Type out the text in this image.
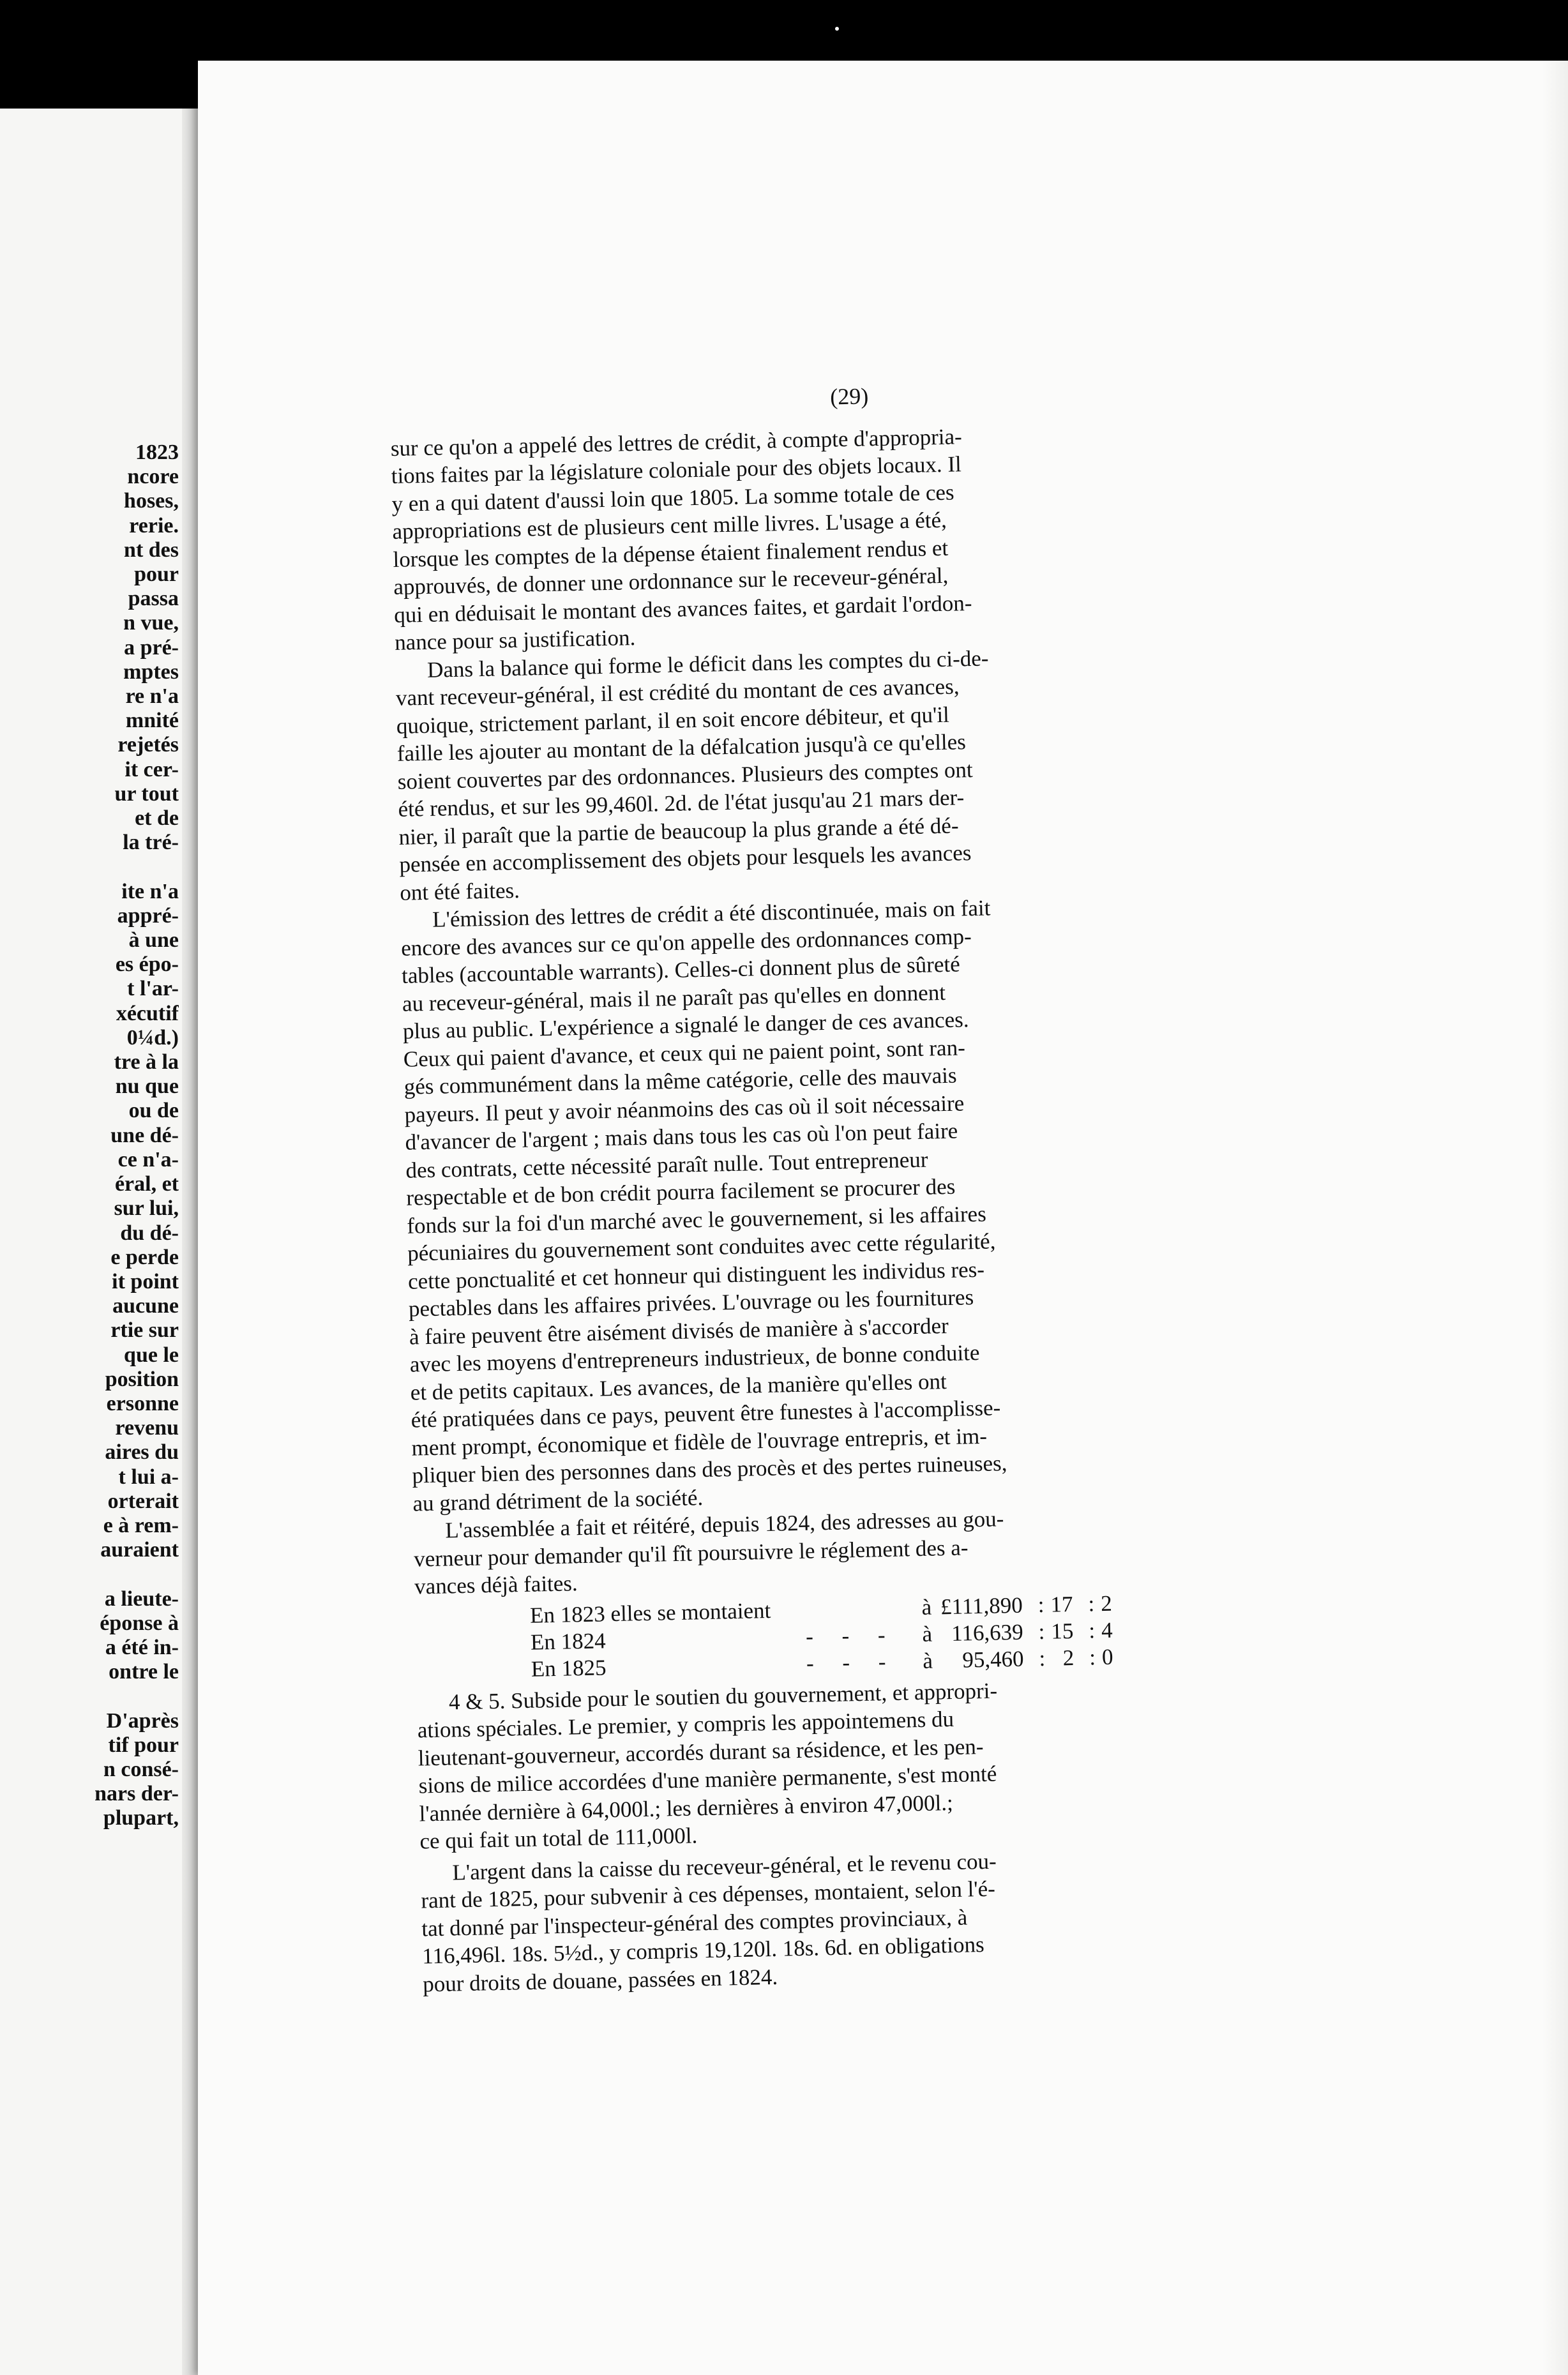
1823
ncore
hoses,
rerie.
nt des
pour
passa
n vue,
a pré-
mptes
re n'a
mnité
rejetés
it cer-
ur tout
et de
la tré-

ite n'a
appré-
à une
es épo-
t l'ar-
xécutif
0¼d.)
tre à la
nu que
ou de
une dé-
ce n'a-
éral, et
sur lui,
du dé-
e perde
it point
aucune
rtie sur
que le
position
ersonne
revenu
aires du
t lui a-
orterait
e à rem-
auraient

a lieute-
éponse à
a été in-
ontre le

D'après
tif pour
n consé-
nars der-
plupart,
(29)
sur ce qu'on a appelé des lettres de crédit, à compte d'appropria-
tions faites par la législature coloniale pour des objets locaux. Il
y en a qui datent d'aussi loin que 1805. La somme totale de ces
appropriations est de plusieurs cent mille livres. L'usage a été,
lorsque les comptes de la dépense étaient finalement rendus et
approuvés, de donner une ordonnance sur le receveur-général,
qui en déduisait le montant des avances faites, et gardait l'ordon-
nance pour sa justification.
Dans la balance qui forme le déficit dans les comptes du ci-de-
vant receveur-général, il est crédité du montant de ces avances,
quoique, strictement parlant, il en soit encore débiteur, et qu'il
faille les ajouter au montant de la défalcation jusqu'à ce qu'elles
soient couvertes par des ordonnances. Plusieurs des comptes ont
été rendus, et sur les 99,460l. 2d. de l'état jusqu'au 21 mars der-
nier, il paraît que la partie de beaucoup la plus grande a été dé-
pensée en accomplissement des objets pour lesquels les avances
ont été faites.
L'émission des lettres de crédit a été discontinuée, mais on fait
encore des avances sur ce qu'on appelle des ordonnances comp-
tables (accountable warrants). Celles-ci donnent plus de sûreté
au receveur-général, mais il ne paraît pas qu'elles en donnent
plus au public. L'expérience a signalé le danger de ces avances.
Ceux qui paient d'avance, et ceux qui ne paient point, sont ran-
gés communément dans la même catégorie, celle des mauvais
payeurs. Il peut y avoir néanmoins des cas où il soit nécessaire
d'avancer de l'argent ; mais dans tous les cas où l'on peut faire
des contrats, cette nécessité paraît nulle. Tout entrepreneur
respectable et de bon crédit pourra facilement se procurer des
fonds sur la foi d'un marché avec le gouvernement, si les affaires
pécuniaires du gouvernement sont conduites avec cette régularité,
cette ponctualité et cet honneur qui distinguent les individus res-
pectables dans les affaires privées. L'ouvrage ou les fournitures
à faire peuvent être aisément divisés de manière à s'accorder
avec les moyens d'entrepreneurs industrieux, de bonne conduite
et de petits capitaux. Les avances, de la manière qu'elles ont
été pratiquées dans ce pays, peuvent être funestes à l'accomplisse-
ment prompt, économique et fidèle de l'ouvrage entrepris, et im-
pliquer bien des personnes dans des procès et des pertes ruineuses,
au grand détriment de la société.
L'assemblée a fait et réitéré, depuis 1824, des adresses au gou-
verneur pour demander qu'il fît poursuivre le réglement des a-
vances déjà faites.
En 1823 elles se montaient		à	£111,890	:	17	:	2
En 1824	- - -	à	116,639	:	15	:	4
En 1825	- - -	à	95,460	:	2	:	0
4 & 5. Subside pour le soutien du gouvernement, et appropri-
ations spéciales. Le premier, y compris les appointemens du
lieutenant-gouverneur, accordés durant sa résidence, et les pen-
sions de milice accordées d'une manière permanente, s'est monté
l'année dernière à 64,000l.; les dernières à environ 47,000l.;
ce qui fait un total de 111,000l.
L'argent dans la caisse du receveur-général, et le revenu cou-
rant de 1825, pour subvenir à ces dépenses, montaient, selon l'é-
tat donné par l'inspecteur-général des comptes provinciaux, à
116,496l. 18s. 5½d., y compris 19,120l. 18s. 6d. en obligations
pour droits de douane, passées en 1824.
